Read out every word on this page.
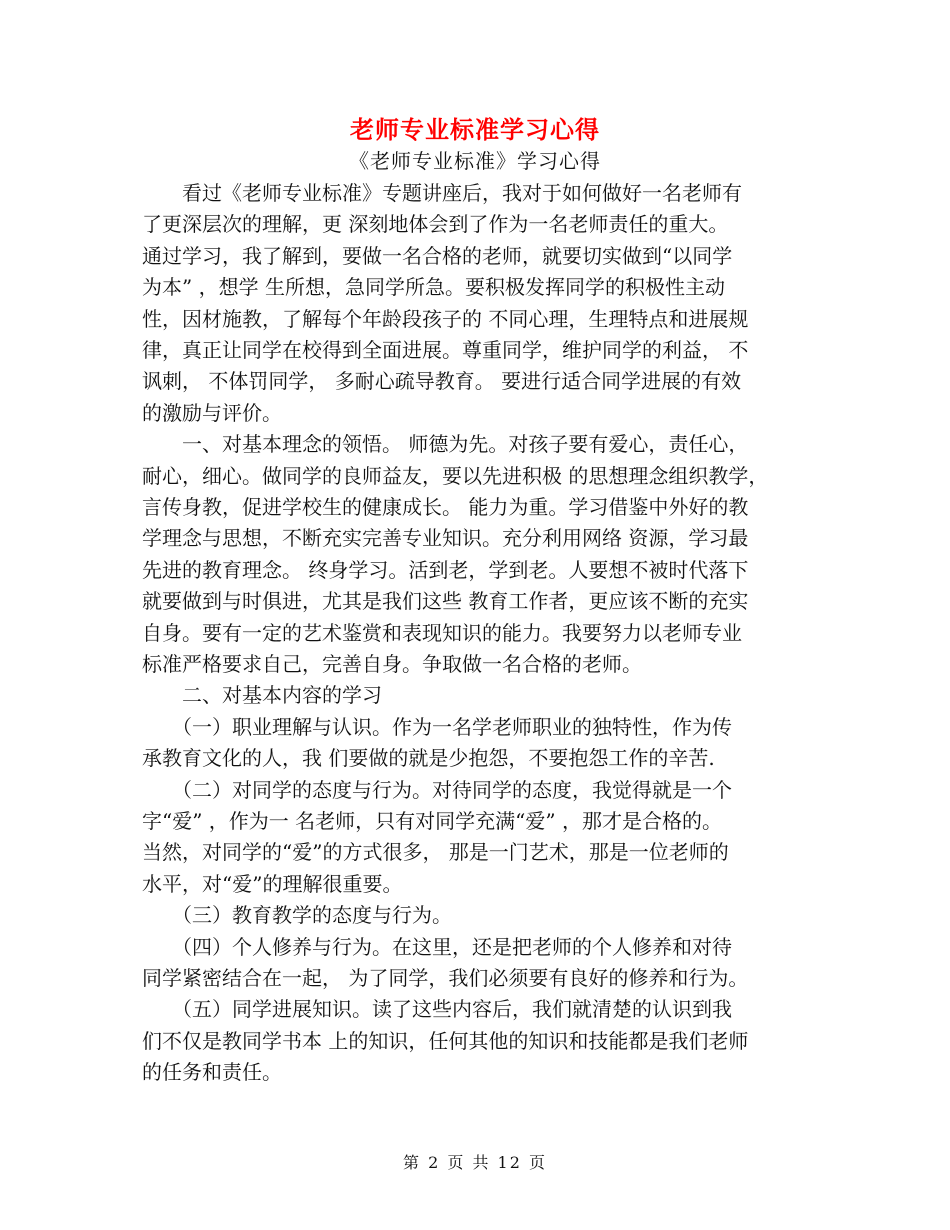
老师专业标准学习心得
《老师专业标准》学习心得
　　看过《老师专业标准》专题讲座后，我对于如何做好一名老师有
了更深层次的理解，更 深刻地体会到了作为一名老师责任的重大。
通过学习，我了解到，要做一名合格的老师，就要切实做到“以同学
为本” ，想学 生所想，急同学所急。要积极发挥同学的积极性主动
性，因材施教，了解每个年龄段孩子的 不同心理，生理特点和进展规
律，真正让同学在校得到全面进展。尊重同学，维护同学的利益， 不
讽刺， 不体罚同学， 多耐心疏导教育。 要进行适合同学进展的有效
的激励与评价。
　　一、对基本理念的领悟。 师德为先。对孩子要有爱心，责任心，
耐心，细心。做同学的良师益友，要以先进积极 的思想理念组织教学，
言传身教，促进学校生的健康成长。 能力为重。学习借鉴中外好的教
学理念与思想，不断充实完善专业知识。充分利用网络 资源，学习最
先进的教育理念。 终身学习。活到老，学到老。人要想不被时代落下
就要做到与时俱进，尤其是我们这些 教育工作者，更应该不断的充实
自身。要有一定的艺术鉴赏和表现知识的能力。我要努力以老师专业
标准严格要求自己，完善自身。争取做一名合格的老师。
　　二、对基本内容的学习
　　（一）职业理解与认识。作为一名学老师职业的独特性，作为传
承教育文化的人，我 们要做的就是少抱怨，不要抱怨工作的辛苦.
　　（二）对同学的态度与行为。对待同学的态度，我觉得就是一个
字“爱” ，作为一 名老师，只有对同学充满“爱” ，那才是合格的。
当然，对同学的“爱”的方式很多， 那是一门艺术，那是一位老师的
水平，对“爱”的理解很重要。
　　（三）教育教学的态度与行为。
　　（四）个人修养与行为。在这里，还是把老师的个人修养和对待
同学紧密结合在一起， 为了同学，我们必须要有良好的修养和行为。
　　（五）同学进展知识。读了这些内容后，我们就清楚的认识到我
们不仅是教同学书本 上的知识，任何其他的知识和技能都是我们老师
的任务和责任。
第 2 页 共 12 页
